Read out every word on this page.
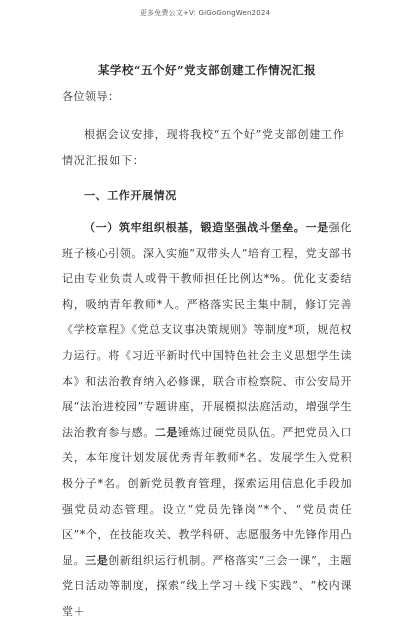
更多免费公文+V: GiGoGongWen2024
某学校“五个好”党支部创建工作情况汇报
各位领导：

根据会议安排，现将我校“五个好”党支部创建工作情况汇报如下：

一、工作开展情况

（一）筑牢组织根基，锻造坚强战斗堡垒。一是强化班子核心引领。深入实施“双带头人”培育工程，党支部书记由专业负责人或骨干教师担任比例达*%。优化支委结构，吸纳青年教师*人。严格落实民主集中制，修订完善《学校章程》《党总支议事决策规则》等制度*项，规范权力运行。将《习近平新时代中国特色社会主义思想学生读本》和法治教育纳入必修课，联合市检察院、市公安局开展“法治进校园”专题讲座，开展模拟法庭活动，增强学生法治教育参与感。二是锤炼过硬党员队伍。严把党员入口关，本年度计划发展优秀青年教师*名、发展学生入党积极分子*名。创新党员教育管理，探索运用信息化手段加强党员动态管理。设立“党员先锋岗”*个、“党员责任区”*个，在技能攻关、教学科研、志愿服务中先锋作用凸显。三是创新组织运行机制。严格落实“三会一课”，主题党日活动等制度，探索“线上学习＋线下实践”、“校内课堂＋
